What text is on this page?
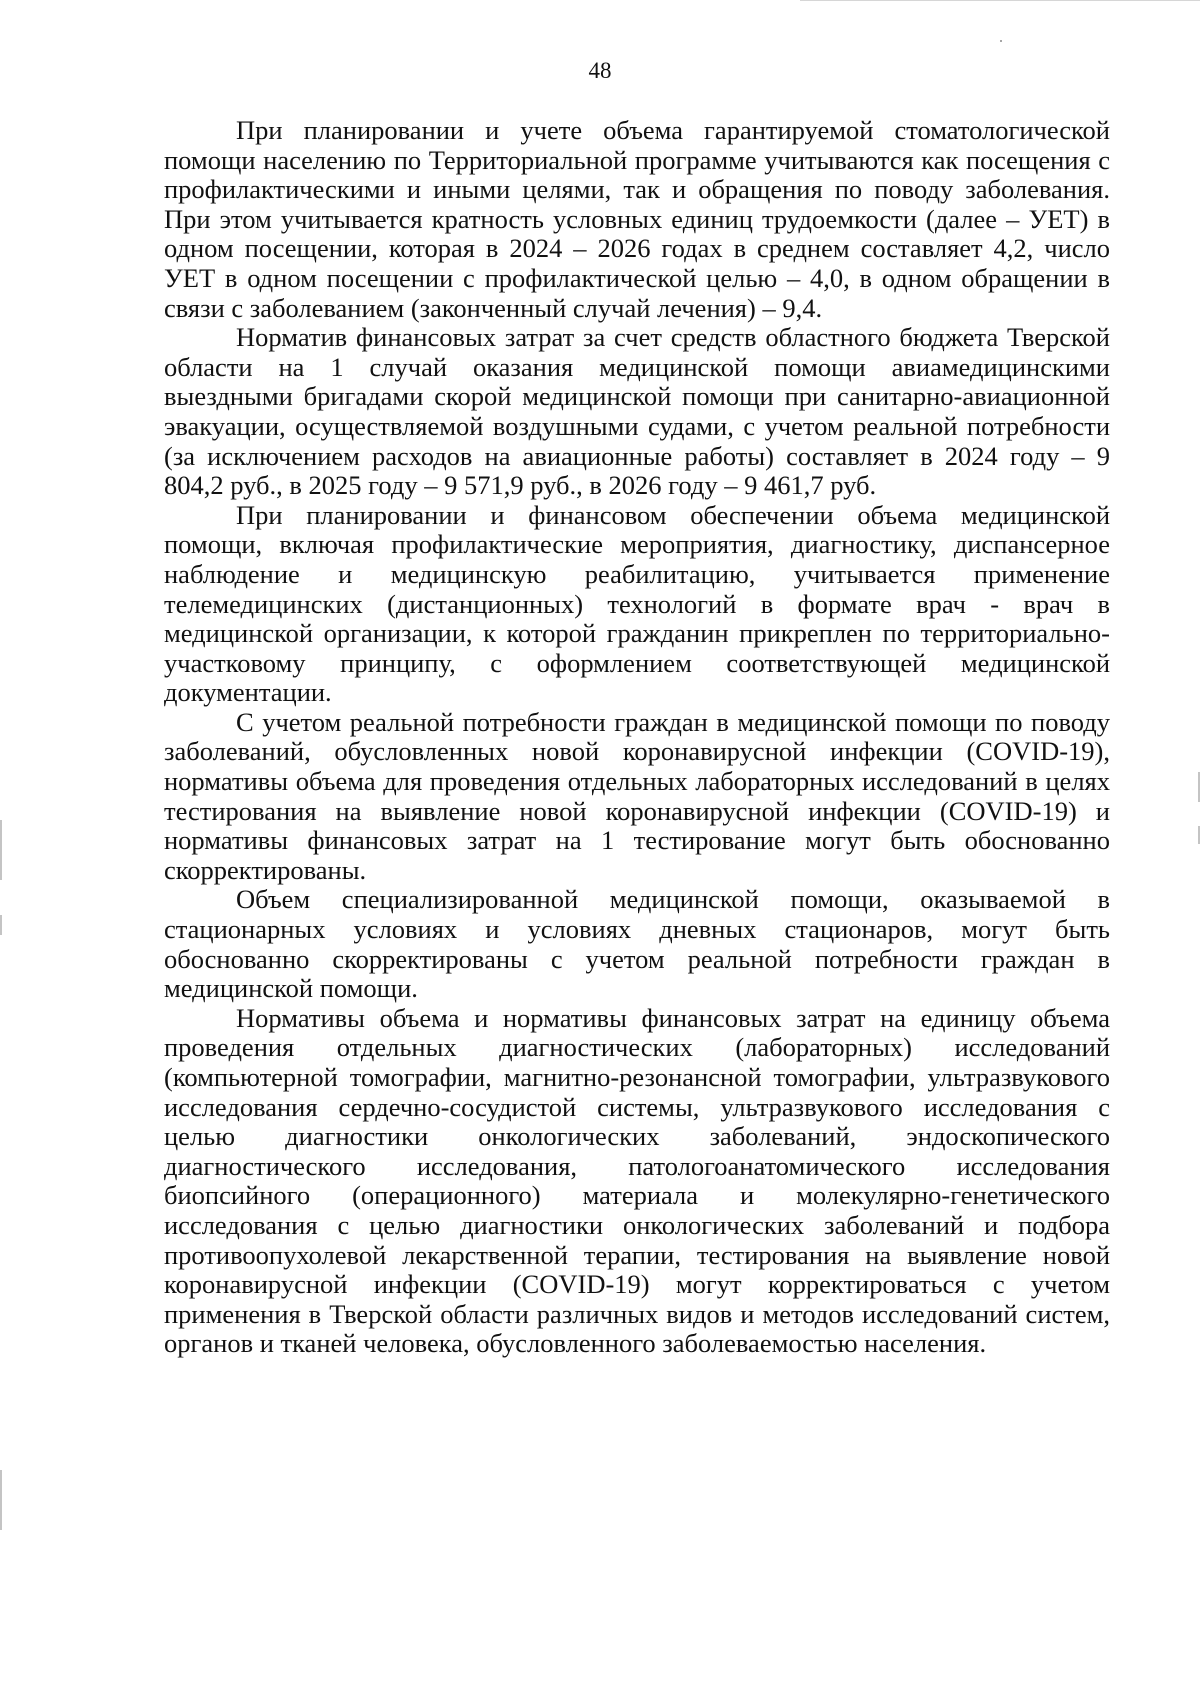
48

При планировании и учете объема гарантируемой стоматологической помощи населению по Территориальной программе учитываются как посещения с профилактическими и иными целями, так и обращения по поводу заболевания. При этом учитывается кратность условных единиц трудоемкости (далее – УЕТ) в одном посещении, которая в 2024 – 2026 годах в среднем составляет 4,2, число УЕТ в одном посещении с профилактической целью – 4,0, в одном обращении в связи с заболеванием (законченный случай лечения) – 9,4.

Норматив финансовых затрат за счет средств областного бюджета Тверской области на 1 случай оказания медицинской помощи авиамедицинскими выездными бригадами скорой медицинской помощи при санитарно-авиационной эвакуации, осуществляемой воздушными судами, с учетом реальной потребности (за исключением расходов на авиационные работы) составляет в 2024 году – 9 804,2 руб., в 2025 году – 9 571,9 руб., в 2026 году – 9 461,7 руб.

При планировании и финансовом обеспечении объема медицинской помощи, включая профилактические мероприятия, диагностику, диспансерное наблюдение и медицинскую реабилитацию, учитывается применение телемедицинских (дистанционных) технологий в формате врач - врач в медицинской организации, к которой гражданин прикреплен по территориально-участковому принципу, с оформлением соответствующей медицинской документации.

С учетом реальной потребности граждан в медицинской помощи по поводу заболеваний, обусловленных новой коронавирусной инфекции (COVID-19), нормативы объема для проведения отдельных лабораторных исследований в целях тестирования на выявление новой коронавирусной инфекции (COVID-19) и нормативы финансовых затрат на 1 тестирование могут быть обоснованно скорректированы.

Объем специализированной медицинской помощи, оказываемой в стационарных условиях и условиях дневных стационаров, могут быть обоснованно скорректированы с учетом реальной потребности граждан в медицинской помощи.

Нормативы объема и нормативы финансовых затрат на единицу объема проведения отдельных диагностических (лабораторных) исследований (компьютерной томографии, магнитно-резонансной томографии, ультразвукового исследования сердечно-сосудистой системы, ультразвукового исследования с целью диагностики онкологических заболеваний, эндоскопического диагностического исследования, патологоанатомического исследования биопсийного (операционного) материала и молекулярно-генетического исследования с целью диагностики онкологических заболеваний и подбора противоопухолевой лекарственной терапии, тестирования на выявление новой коронавирусной инфекции (COVID-19) могут корректироваться с учетом применения в Тверской области различных видов и методов исследований систем, органов и тканей человека, обусловленного заболеваемостью населения.
